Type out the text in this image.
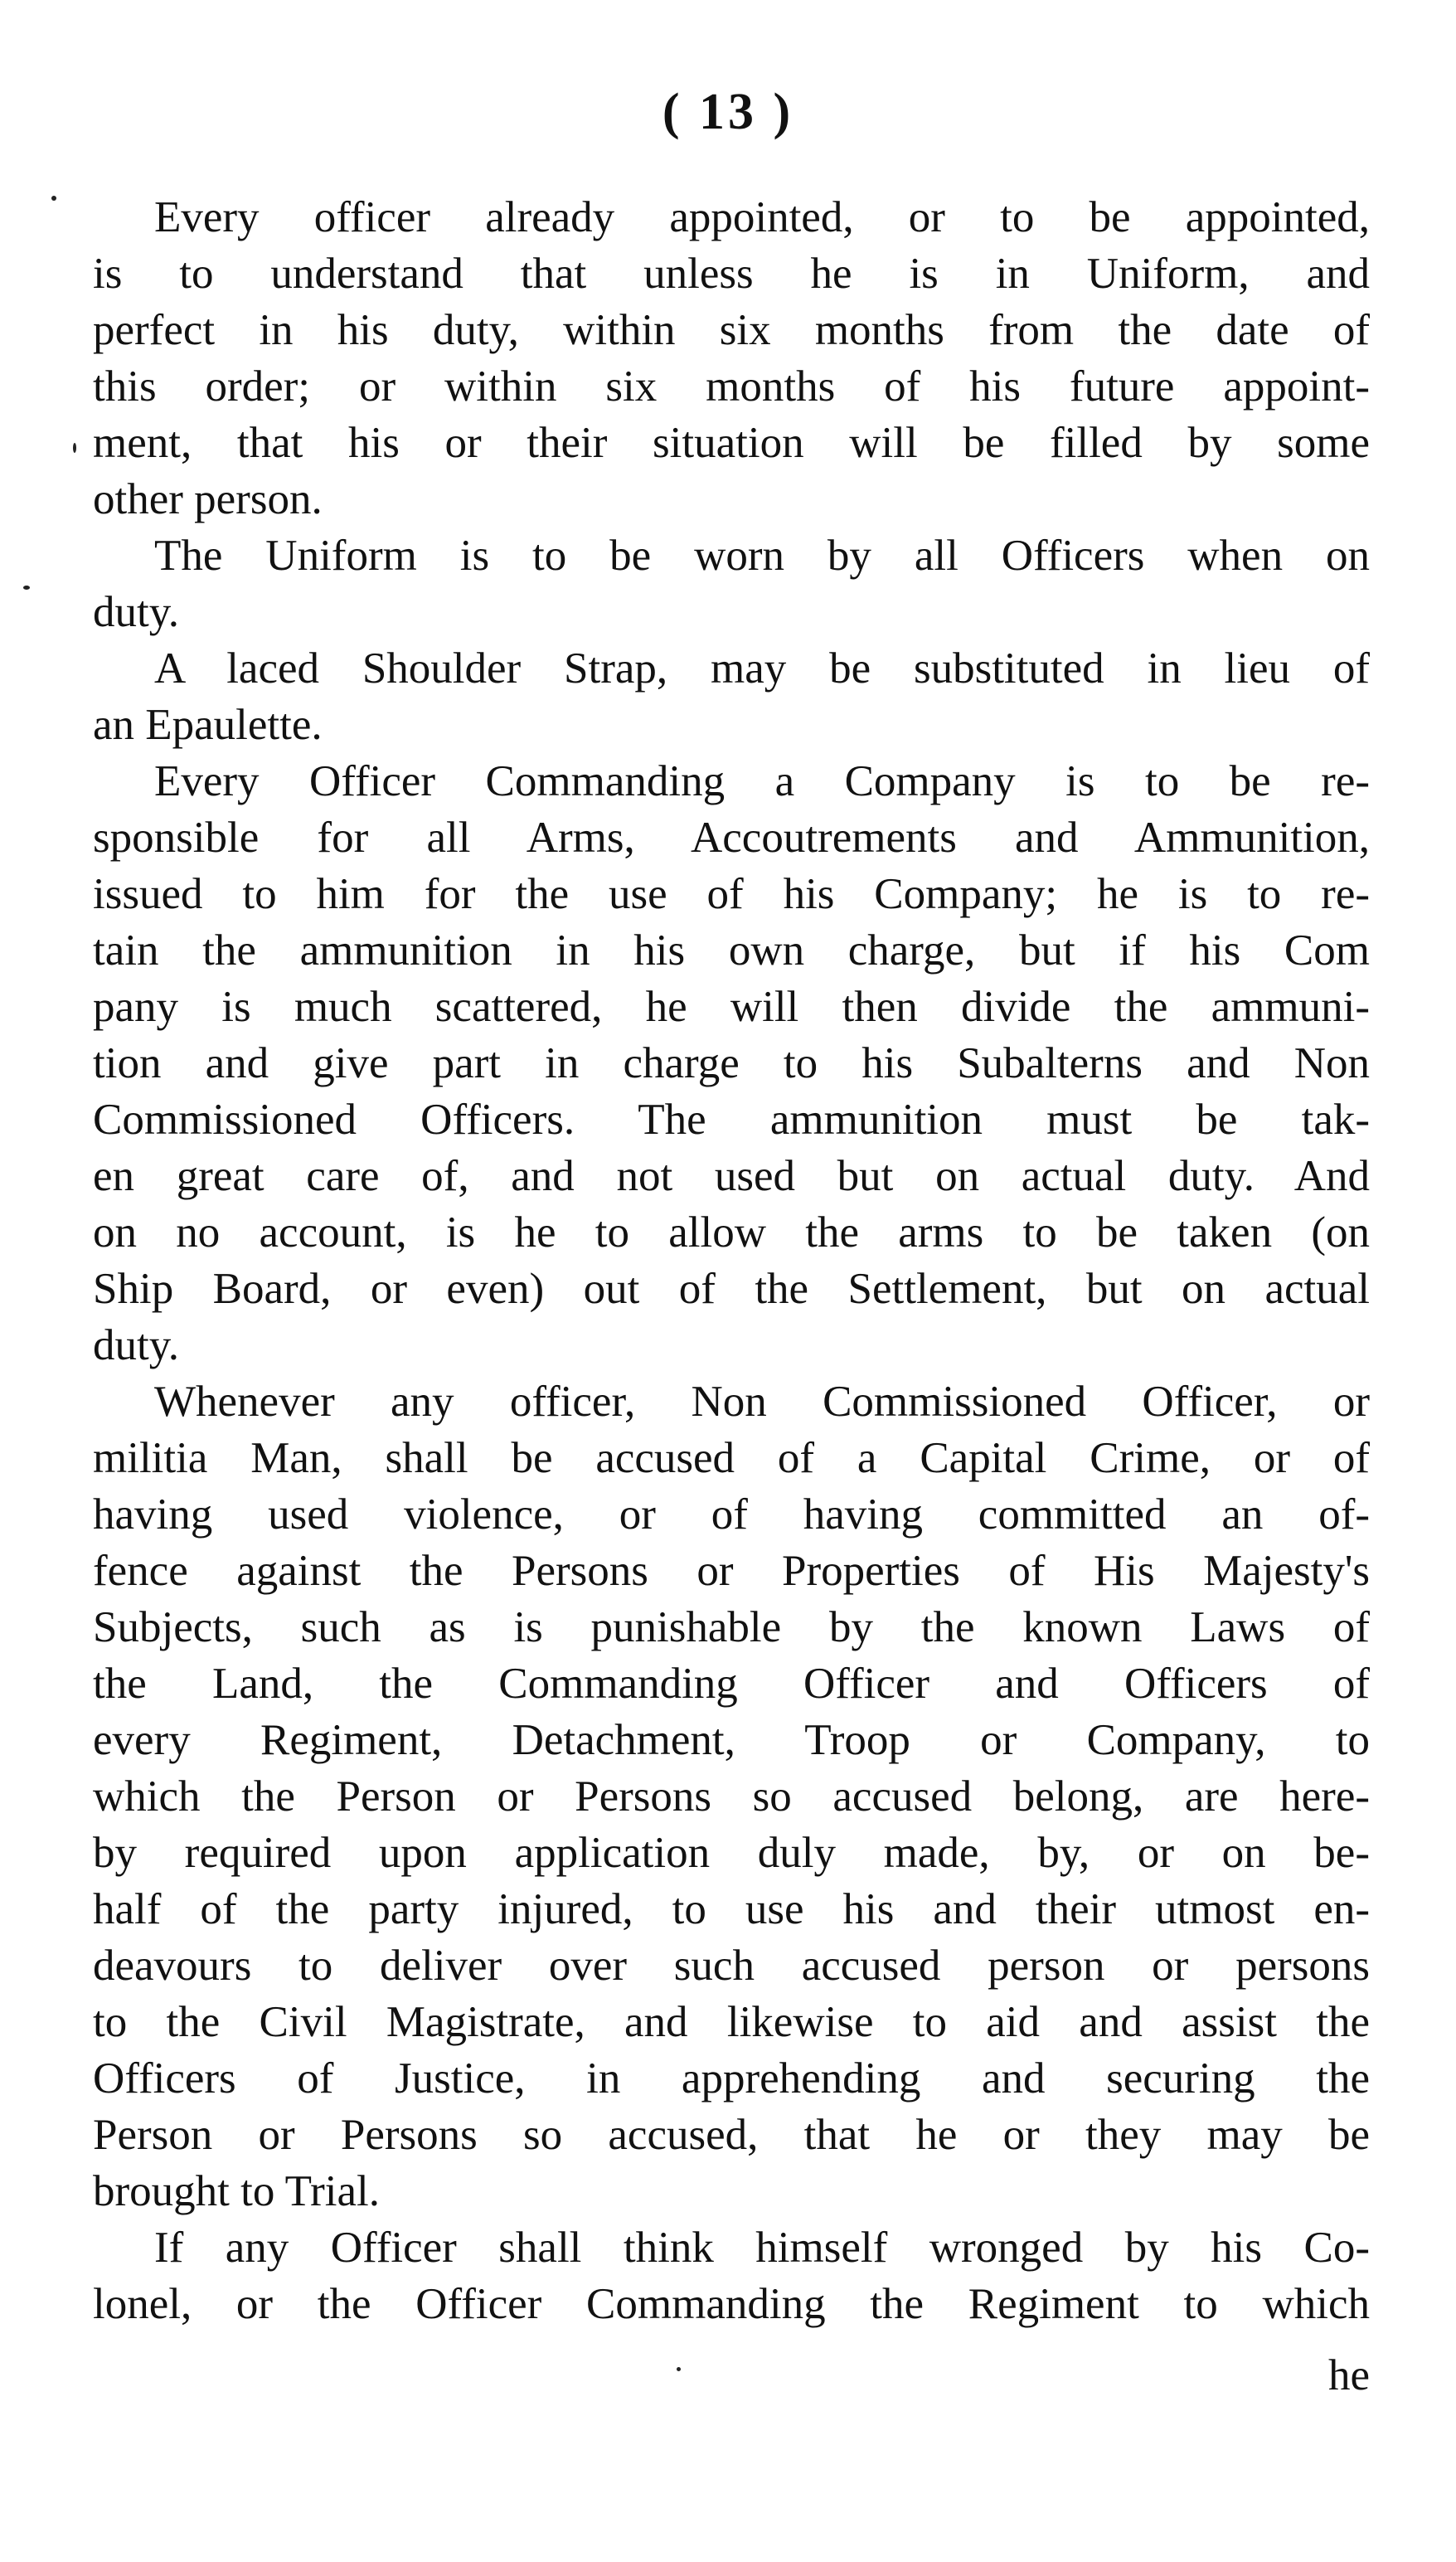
( 13 )
Every officer already appointed, or to be appointed,
is to understand that unless he is in Uniform, and
perfect in his duty, within six months from the date of
this order; or within six months of his future appoint-
ment, that his or their situation will be filled by some
other person.
The Uniform is to be worn by all Officers when on
duty.
A laced Shoulder Strap, may be substituted in lieu of
an Epaulette.
Every Officer Commanding a Company is to be re-
sponsible for all Arms, Accoutrements and Ammunition,
issued to him for the use of his Company; he is to re-
tain the ammunition in his own charge, but if his Com
pany is much scattered, he will then divide the ammuni-
tion and give part in charge to his Subalterns and Non
Commissioned Officers. The ammunition must be tak-
en great care of, and not used but on actual duty. And
on no account, is he to allow the arms to be taken (on
Ship Board, or even) out of the Settlement, but on actual
duty.
Whenever any officer, Non Commissioned Officer, or
militia Man, shall be accused of a Capital Crime, or of
having used violence, or of having committed an of-
fence against the Persons or Properties of His Majesty's
Subjects, such as is punishable by the known Laws of
the Land, the Commanding Officer and Officers of
every Regiment, Detachment, Troop or Company, to
which the Person or Persons so accused belong, are here-
by required upon application duly made, by, or on be-
half of the party injured, to use his and their utmost en-
deavours to deliver over such accused person or persons
to the Civil Magistrate, and likewise to aid and assist the
Officers of Justice, in apprehending and securing the
Person or Persons so accused, that he or they may be
brought to Trial.
If any Officer shall think himself wronged by his Co-
lonel, or the Officer Commanding the Regiment to which
he
